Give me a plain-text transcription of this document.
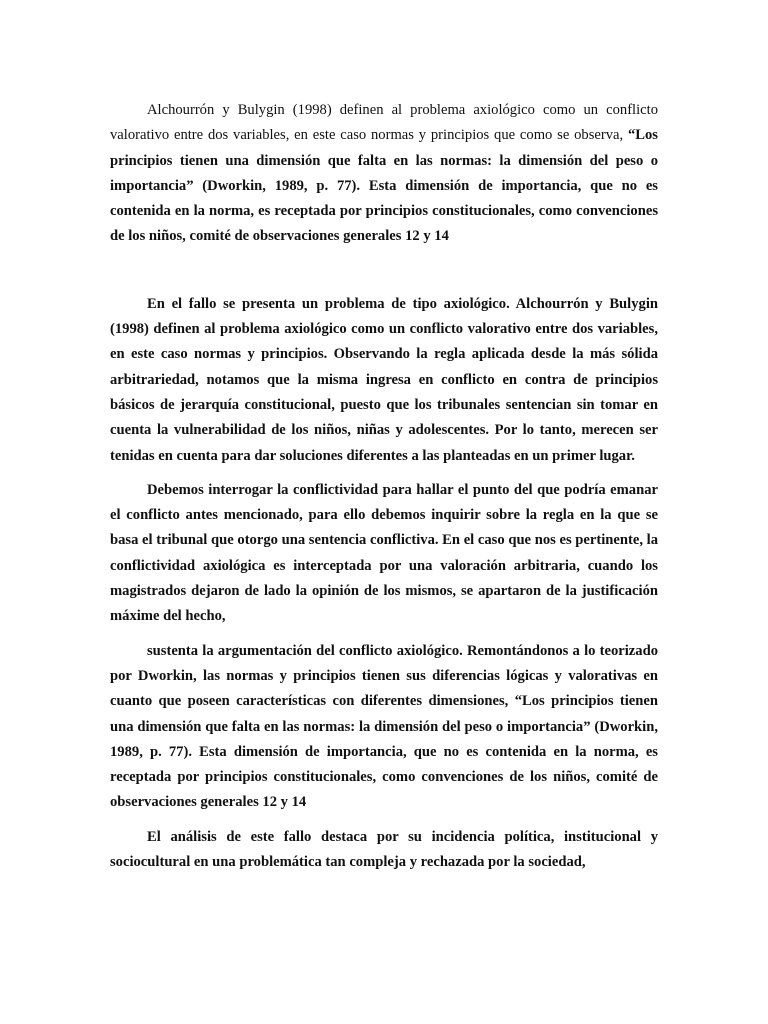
Alchourrón y Bulygin (1998) definen al problema axiológico como un conflicto valorativo entre dos variables, en este caso normas y principios que como se observa, “Los principios tienen una dimensión que falta en las normas: la dimensión del peso o importancia” (Dworkin, 1989, p. 77). Esta dimensión de importancia, que no es contenida en la norma, es receptada por principios constitucionales, como convenciones de los niños, comité de observaciones generales 12 y 14

En el fallo se presenta un problema de tipo axiológico. Alchourrón y Bulygin (1998) definen al problema axiológico como un conflicto valorativo entre dos variables, en este caso normas y principios. Observando la regla aplicada desde la más sólida arbitrariedad, notamos que la misma ingresa en conflicto en contra de principios básicos de jerarquía constitucional, puesto que los tribunales sentencian sin tomar en cuenta la vulnerabilidad de los niños, niñas y adolescentes. Por lo tanto, merecen ser tenidas en cuenta para dar soluciones diferentes a las planteadas en un primer lugar.

Debemos interrogar la conflictividad para hallar el punto del que podría emanar el conflicto antes mencionado, para ello debemos inquirir sobre la regla en la que se basa el tribunal que otorgo una sentencia conflictiva. En el caso que nos es pertinente, la conflictividad axiológica es interceptada por una valoración arbitraria, cuando los magistrados dejaron de lado la opinión de los mismos, se apartaron de la justificación máxime del hecho,

sustenta la argumentación del conflicto axiológico. Remontándonos a lo teorizado por Dworkin, las normas y principios tienen sus diferencias lógicas y valorativas en cuanto que poseen características con diferentes dimensiones, “Los principios tienen una dimensión que falta en las normas: la dimensión del peso o importancia” (Dworkin, 1989, p. 77). Esta dimensión de importancia, que no es contenida en la norma, es receptada por principios constitucionales, como convenciones de los niños, comité de observaciones generales 12 y 14

El análisis de este fallo destaca por su incidencia política, institucional y sociocultural en una problemática tan compleja y rechazada por la sociedad,
